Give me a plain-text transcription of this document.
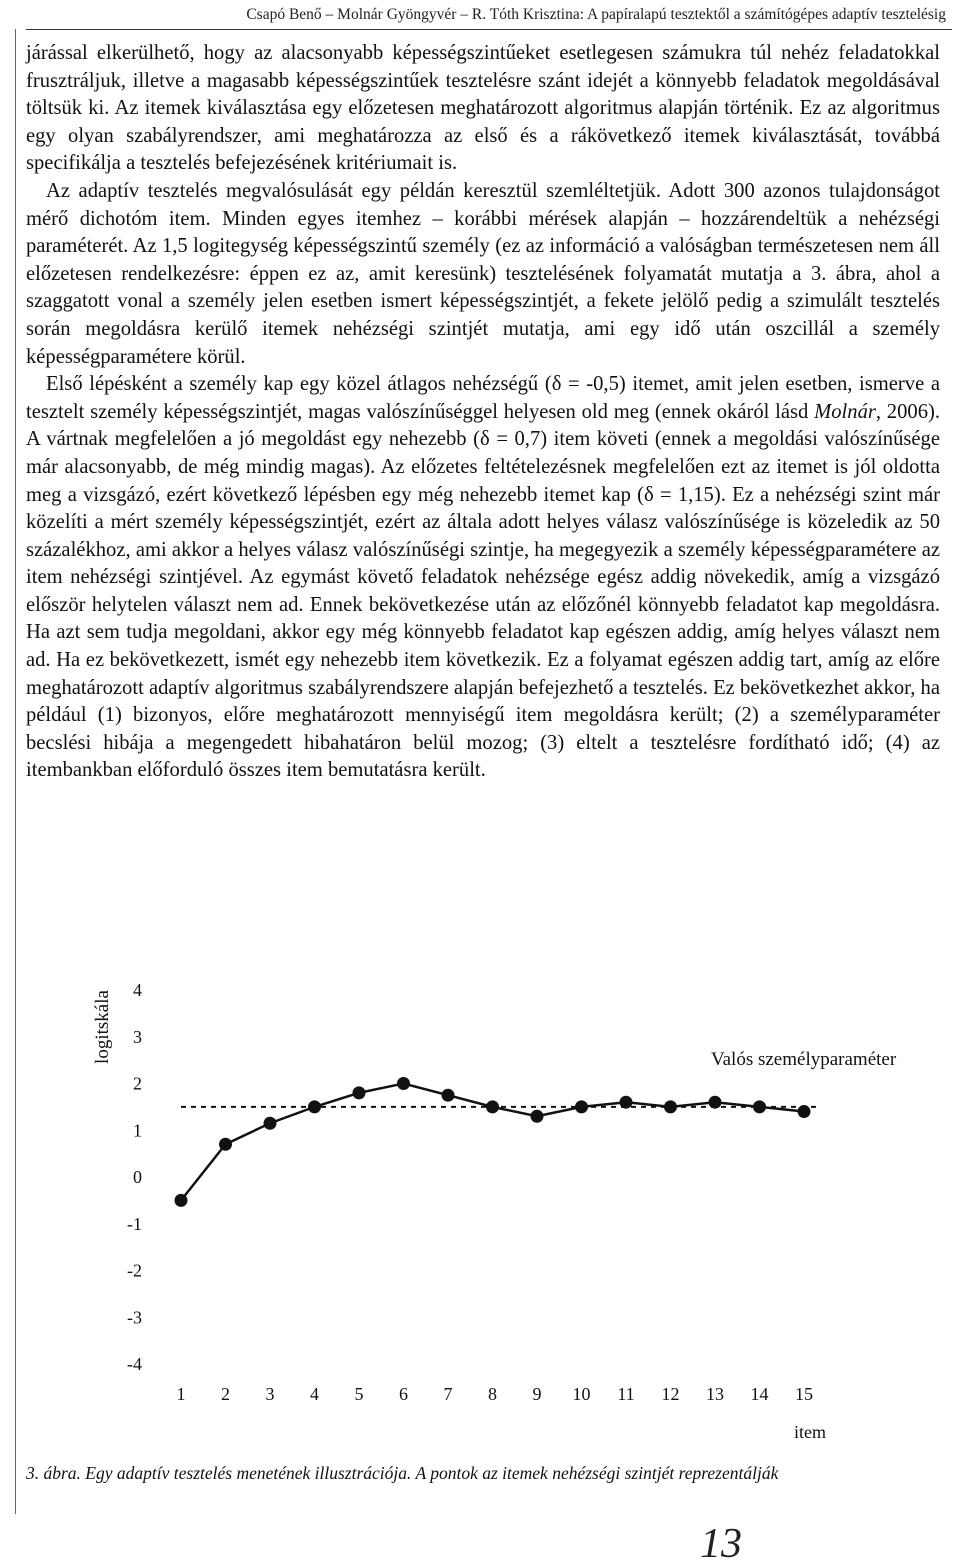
Csapó Benő – Molnár Gyöngyvér – R. Tóth Krisztina: A papíralapú tesztektől a számítógépes adaptív tesztelésig

járással elkerülhető, hogy az alacsonyabb képességszintűeket esetlegesen számukra túl nehéz feladatokkal frusztráljuk, illetve a magasabb képességszintűek tesztelésre szánt idejét a könnyebb feladatok megoldásával töltsük ki. Az itemek kiválasztása egy előzetesen meghatározott algoritmus alapján történik. Ez az algoritmus egy olyan szabályrendszer, ami meghatározza az első és a rákövetkező itemek kiválasztását, továbbá specifikálja a tesztelés befejezésének kritériumait is.

Az adaptív tesztelés megvalósulását egy példán keresztül szemléltetjük. Adott 300 azonos tulajdonságot mérő dichotóm item. Minden egyes itemhez – korábbi mérések alapján – hozzárendeltük a nehézségi paraméterét. Az 1,5 logitegység képességszintű személy (ez az információ a valóságban természetesen nem áll előzetesen rendelkezésre: éppen ez az, amit keresünk) tesztelésének folyamatát mutatja a 3. ábra, ahol a szaggatott vonal a személy jelen esetben ismert képességszintjét, a fekete jelölő pedig a szimulált tesztelés során megoldásra kerülő itemek nehézségi szintjét mutatja, ami egy idő után oszcillál a személy képességparamétere körül.

Első lépésként a személy kap egy közel átlagos nehézségű (δ = -0,5) itemet, amit jelen esetben, ismerve a tesztelt személy képességszintjét, magas valószínűséggel helyesen old meg (ennek okáról lásd Molnár, 2006). A vártnak megfelelően a jó megoldást egy nehezebb (δ = 0,7) item követi (ennek a megoldási valószínűsége már alacsonyabb, de még mindig magas). Az előzetes feltételezésnek megfelelően ezt az itemet is jól oldotta meg a vizsgázó, ezért következő lépésben egy még nehezebb itemet kap (δ = 1,15). Ez a nehézségi szint már közelíti a mért személy képességszintjét, ezért az általa adott helyes válasz valószínűsége is közeledik az 50 százalékhoz, ami akkor a helyes válasz valószínűségi szintje, ha megegyezik a személy képességparamétere az item nehézségi szintjével. Az egymást követő feladatok nehézsége egész addig növekedik, amíg a vizsgázó először helytelen választ nem ad. Ennek bekövetkezése után az előzőnél könnyebb feladatot kap megoldásra. Ha azt sem tudja megoldani, akkor egy még könnyebb feladatot kap egészen addig, amíg helyes választ nem ad. Ha ez bekövetkezett, ismét egy nehezebb item következik. Ez a folyamat egészen addig tart, amíg az előre meghatározott adaptív algoritmus szabályrendszere alapján befejezhető a tesztelés. Ez bekövetkezhet akkor, ha például (1) bizonyos, előre meghatározott mennyiségű item megoldásra került; (2) a személyparaméter becslési hibája a megengedett hibahatáron belül mozog; (3) eltelt a tesztelésre fordítható idő; (4) az itembankban előforduló összes item bemutatásra került.

4
3
2
1
0
-1
-2
-3
-4
1 2 3 4 5 6 7 8 9 10 11 12 13 14 15
logitskála
item
Valós személyparaméter
3. ábra. Egy adaptív tesztelés menetének illusztrációja. A pontok az itemek nehézségi szintjét reprezentálják
13
